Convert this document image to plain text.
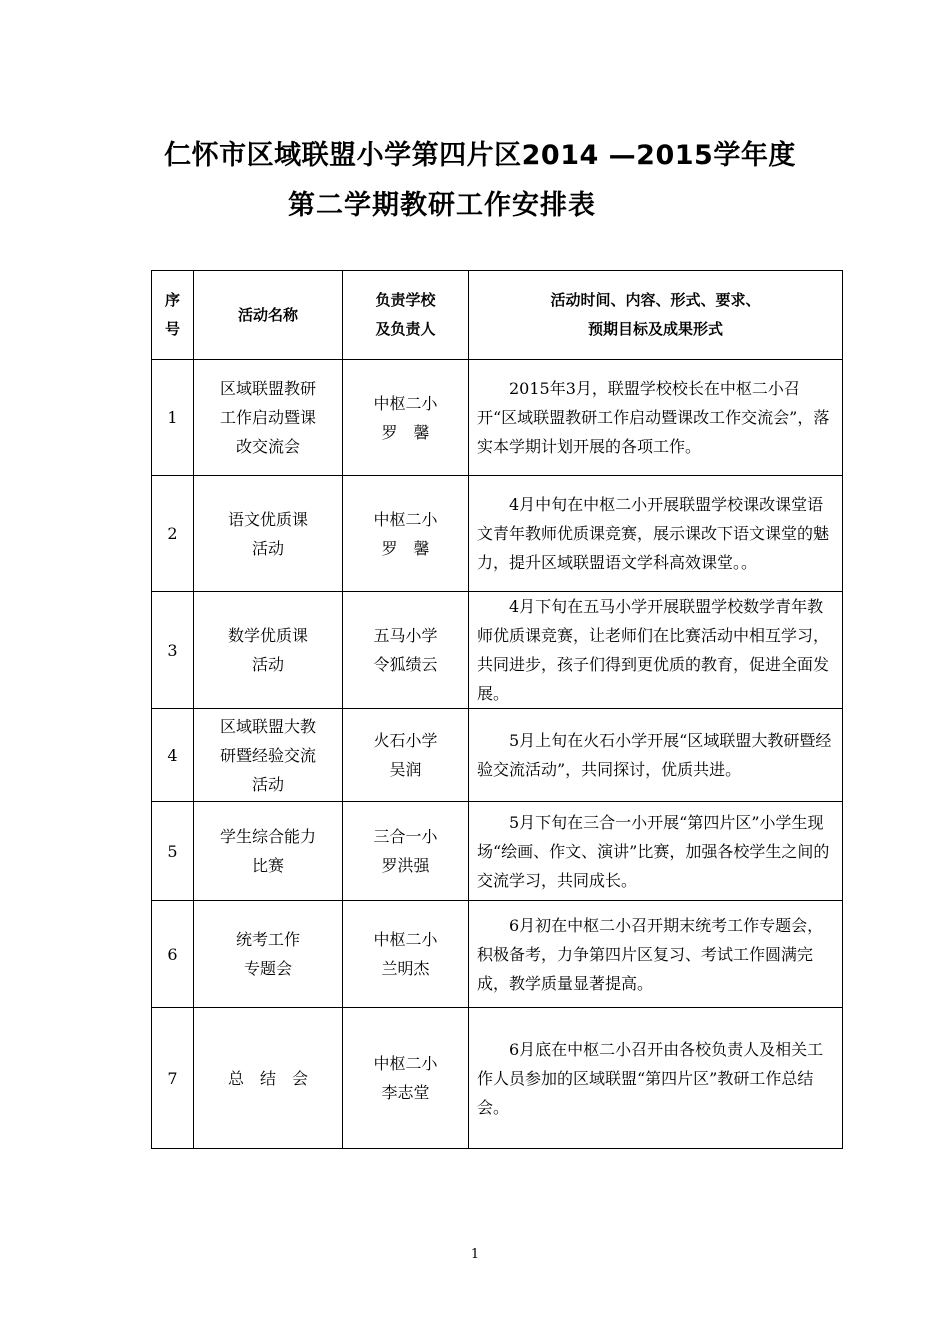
仁怀市区域联盟小学第四片区2014 —2015学年度
第二学期教研工作安排表
序
号	活动名称	负责学校
及负责人	活动时间、内容、形式、要求、
预期目标及成果形式

1	区域联盟教研
工作启动暨课
改交流会	中枢二小
罗　馨	2015年3月，联盟学校校长在中枢二小召开“区域联盟教研工作启动暨课改工作交流会”，落实本学期计划开展的各项工作。

2	语文优质课
活动	中枢二小
罗　馨	4月中旬在中枢二小开展联盟学校课改课堂语文青年教师优质课竞赛，展示课改下语文课堂的魅力，提升区域联盟语文学科高效课堂。。

3	数学优质课
活动	五马小学
令狐绩云	4月下旬在五马小学开展联盟学校数学青年教师优质课竞赛，让老师们在比赛活动中相互学习，共同进步，孩子们得到更优质的教育，促进全面发展。

4	区域联盟大教
研暨经验交流
活动	火石小学
吴润	5月上旬在火石小学开展“区域联盟大教研暨经验交流活动”，共同探讨，优质共进。

5	学生综合能力
比赛	三合一小
罗洪强	5月下旬在三合一小开展“第四片区”小学生现场“绘画、作文、演讲”比赛，加强各校学生之间的交流学习，共同成长。

6	统考工作
专题会	中枢二小
兰明杰	6月初在中枢二小召开期末统考工作专题会，积极备考，力争第四片区复习、考试工作圆满完成，教学质量显著提高。

7	总　结　会	中枢二小
李志堂	6月底在中枢二小召开由各校负责人及相关工作人员参加的区域联盟“第四片区”教研工作总结会。
1
